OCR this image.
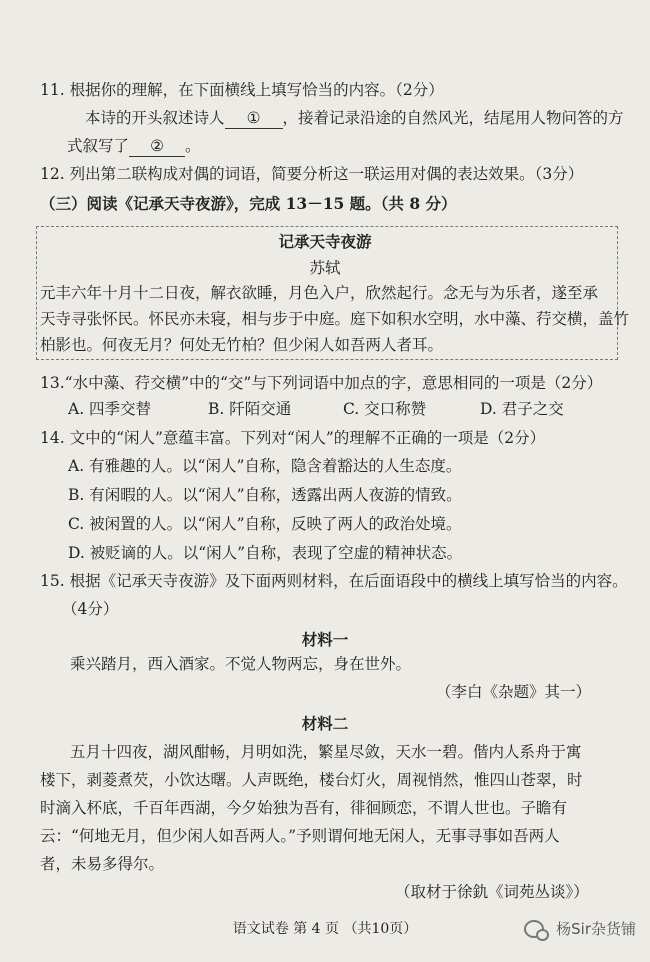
11. 根据你的理解，在下面横线上填写恰当的内容。（2分）
本诗的开头叙述诗人 ① ，接着记录沿途的自然风光，结尾用人物问答的方
式叙写了 ② 。
12. 列出第二联构成对偶的词语，简要分析这一联运用对偶的表达效果。（3分）
（三）阅读《记承天寺夜游》，完成 13－15 题。（共 8 分）
记承天寺夜游
苏轼
元丰六年十月十二日夜，解衣欲睡，月色入户，欣然起行。念无与为乐者，遂至承
天寺寻张怀民。怀民亦未寝，相与步于中庭。庭下如积水空明，水中藻、荇交横，盖竹
柏影也。何夜无月？何处无竹柏？但少闲人如吾两人者耳。
13.“水中藻、荇交横”中的“交”与下列词语中加点的字，意思相同的一项是（2分）
A. 四季交替	B. 阡陌交通	C. 交口称赞	D. 君子之交
14. 文中的“闲人”意蕴丰富。下列对“闲人”的理解不正确的一项是（2分）
A. 有雅趣的人。以“闲人”自称，隐含着豁达的人生态度。
B. 有闲暇的人。以“闲人”自称，透露出两人夜游的情致。
C. 被闲置的人。以“闲人”自称，反映了两人的政治处境。
D. 被贬谪的人。以“闲人”自称，表现了空虚的精神状态。
15. 根据《记承天寺夜游》及下面两则材料，在后面语段中的横线上填写恰当的内容。
（4分）
材料一
乘兴踏月，西入酒家。不觉人物两忘，身在世外。
（李白《杂题》其一）
材料二
五月十四夜，湖风酣畅，月明如洗，繁星尽敛，天水一碧。偕内人系舟于寓
楼下，剥菱煮芡，小饮达曙。人声既绝，楼台灯火，周视悄然，惟四山苍翠，时
时滴入杯底，千百年西湖，今夕始独为吾有，徘徊顾恋，不谓人世也。子瞻有
云：“何地无月，但少闲人如吾两人。”予则谓何地无闲人，无事寻事如吾两人
者，未易多得尔。
（取材于徐釚《词苑丛谈》）
语文试卷 第 4 页 （共10页）	杨Sir杂货铺
